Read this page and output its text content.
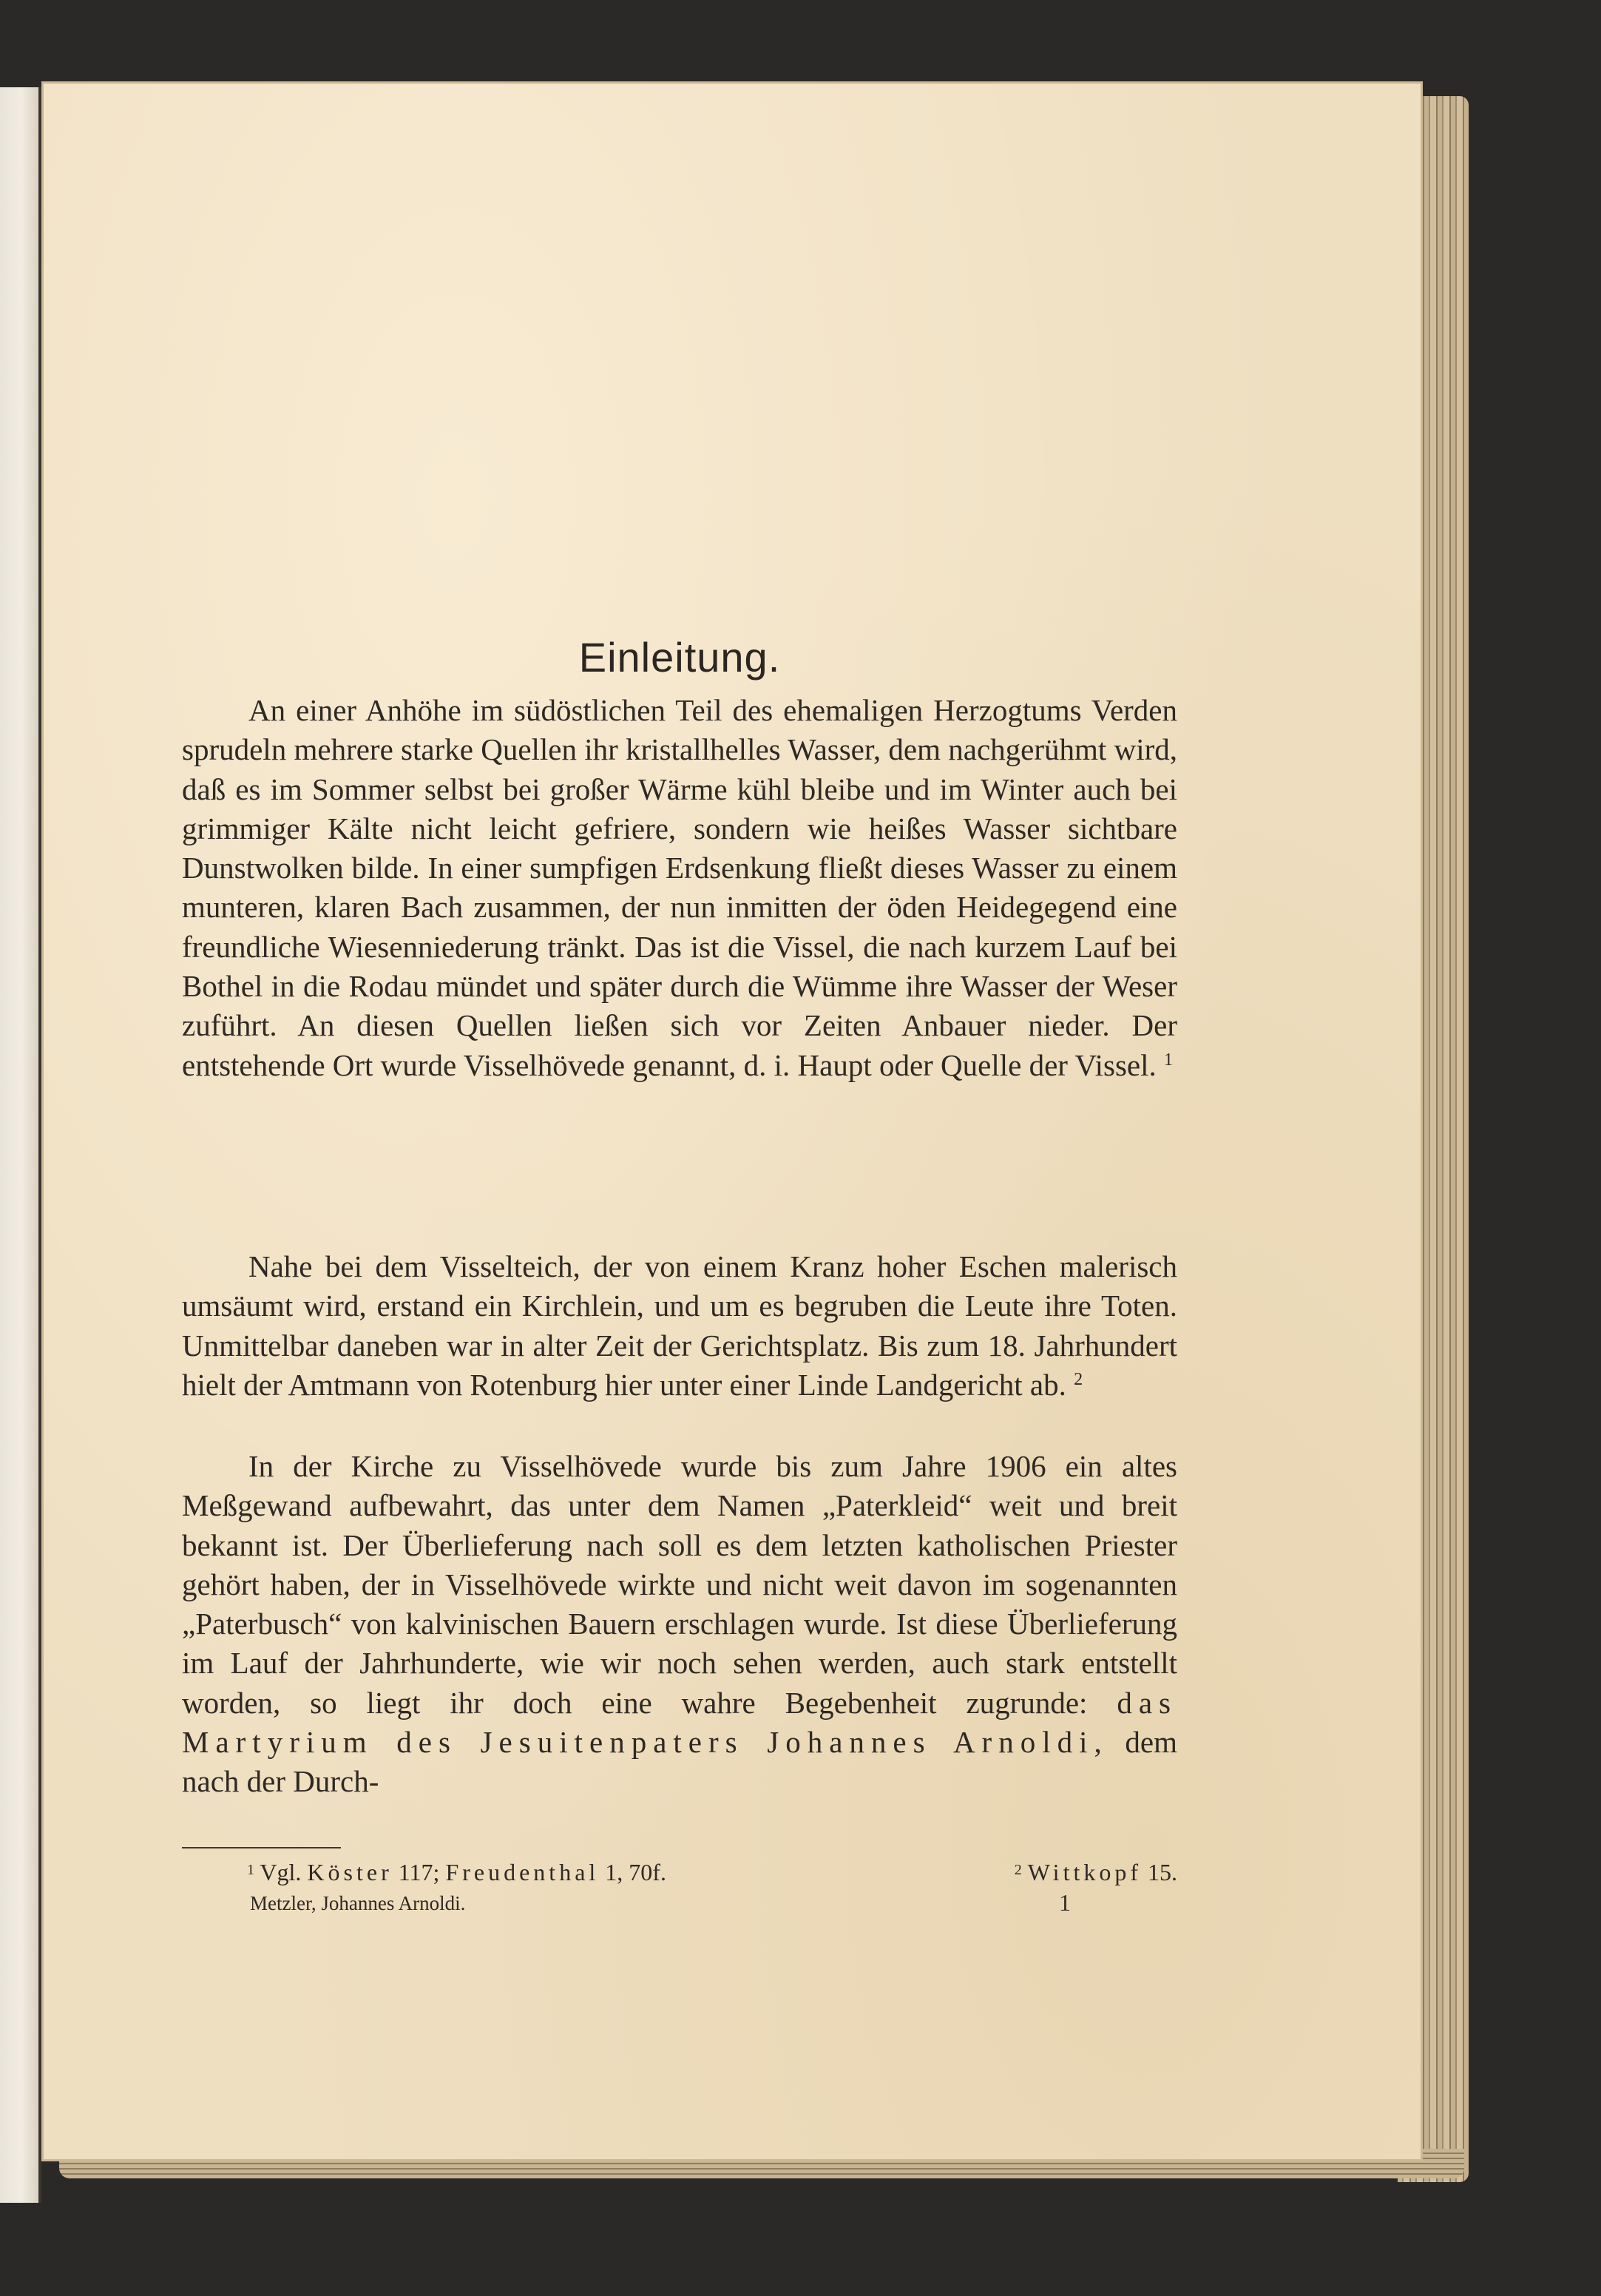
Einleitung.

An einer Anhöhe im südöstlichen Teil des ehemaligen Herzogtums Verden sprudeln mehrere starke Quellen ihr kristallhelles Wasser, dem nachgerühmt wird, daß es im Sommer selbst bei großer Wärme kühl bleibe und im Winter auch bei grimmiger Kälte nicht leicht gefriere, sondern wie heißes Wasser sichtbare Dunstwolken bilde. In einer sumpfigen Erdsenkung fließt dieses Wasser zu einem munteren, klaren Bach zusammen, der nun inmitten der öden Heidegegend eine freundliche Wiesenniederung tränkt. Das ist die Vissel, die nach kurzem Lauf bei Bothel in die Rodau mündet und später durch die Wümme ihre Wasser der Weser zuführt. An diesen Quellen ließen sich vor Zeiten Anbauer nieder. Der entstehende Ort wurde Visselhövede genannt, d. i. Haupt oder Quelle der Vissel. $^1$

Nahe bei dem Visselteich, der von einem Kranz hoher Eschen malerisch umsäumt wird, erstand ein Kirchlein, und um es begruben die Leute ihre Toten. Unmittelbar daneben war in alter Zeit der Gerichtsplatz. Bis zum 18. Jahrhundert hielt der Amtmann von Rotenburg hier unter einer Linde Landgericht ab. $^2$

In der Kirche zu Visselhövede wurde bis zum Jahre 1906 ein altes Meßgewand aufbewahrt, das unter dem Namen „Paterkleid“ weit und breit bekannt ist. Der Überlieferung nach soll es dem letzten katholischen Priester gehört haben, der in Visselhövede wirkte und nicht weit davon im sogenannten „Paterbusch“ von kalvinischen Bauern erschlagen wurde. Ist diese Überlieferung im Lauf der Jahrhunderte, wie wir noch sehen werden, auch stark entstellt worden, so liegt ihr doch eine wahre Begebenheit zugrunde: das Martyrium des Jesuitenpaters Johannes Arnoldi, dem nach der Durch-

$^1$ Vgl. Köster 117; Freudenthal 1, 70f.	$^2$ Wittkopf 15.
Metzler, Johannes Arnoldi.	1
